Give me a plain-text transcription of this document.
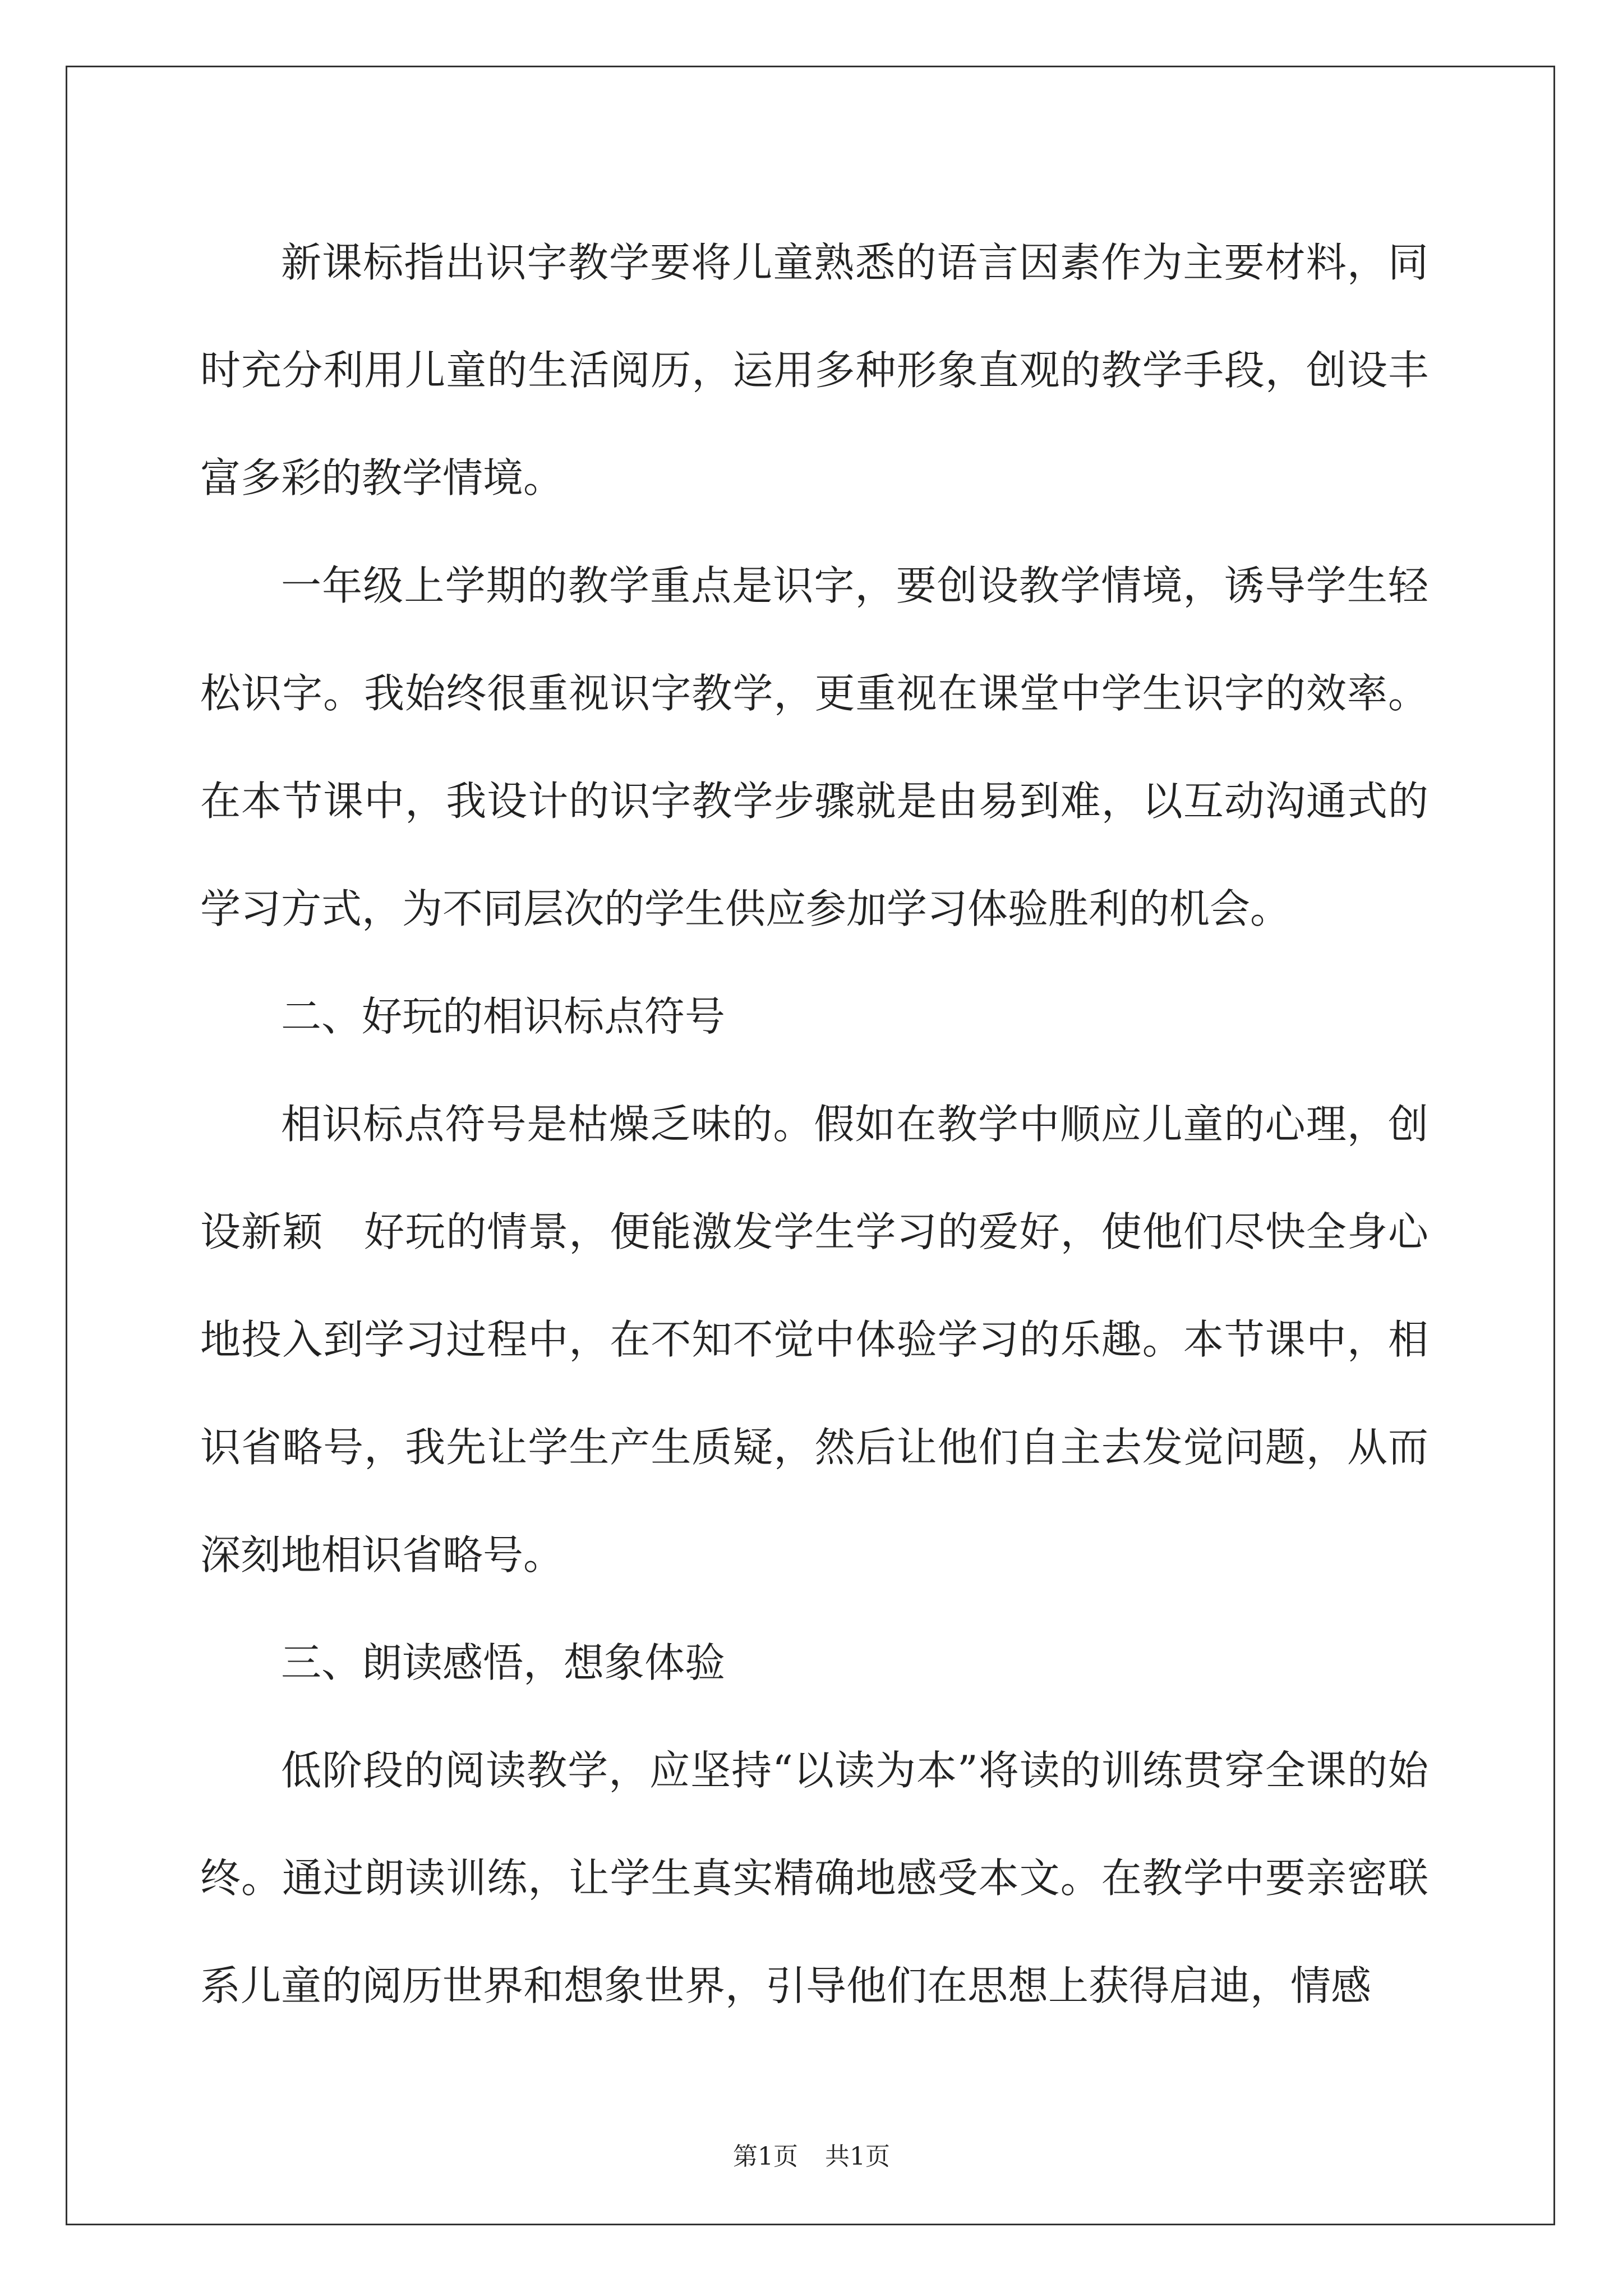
新课标指出识字教学要将儿童熟悉的语言因素作为主要材料，同时充分利用儿童的生活阅历，运用多种形象直观的教学手段，创设丰富多彩的教学情境。

一年级上学期的教学重点是识字，要创设教学情境，诱导学生轻松识字。我始终很重视识字教学，更重视在课堂中学生识字的效率。在本节课中，我设计的识字教学步骤就是由易到难，以互动沟通式的学习方式，为不同层次的学生供应参加学习体验胜利的机会。

二、好玩的相识标点符号

相识标点符号是枯燥乏味的。假如在教学中顺应儿童的心理，创设新颖　好玩的情景，便能激发学生学习的爱好，使他们尽快全身心地投入到学习过程中，在不知不觉中体验学习的乐趣。本节课中，相识省略号，我先让学生产生质疑，然后让他们自主去发觉问题，从而深刻地相识省略号。

三、朗读感悟，想象体验

低阶段的阅读教学，应坚持“以读为本”将读的训练贯穿全课的始终。通过朗读训练，让学生真实精确地感受本文。在教学中要亲密联系儿童的阅历世界和想象世界，引导他们在思想上获得启迪，情感

第1页 共1页
